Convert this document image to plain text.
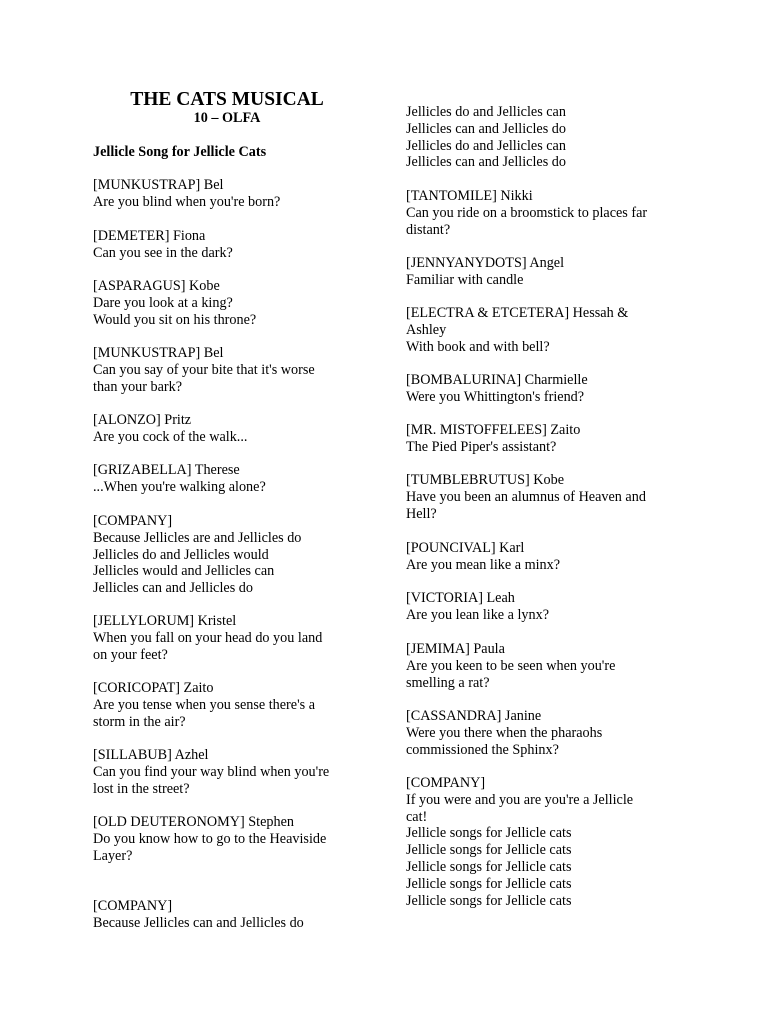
THE CATS MUSICAL
10 – OLFA
Jellicle Song for Jellicle Cats
[MUNKUSTRAP] Bel
Are you blind when you're born?
[DEMETER] Fiona
Can you see in the dark?
[ASPARAGUS] Kobe
Dare you look at a king?
Would you sit on his throne?
[MUNKUSTRAP] Bel
Can you say of your bite that it's worse
than your bark?
[ALONZO] Pritz
Are you cock of the walk...
[GRIZABELLA] Therese
...When you're walking alone?
[COMPANY]
Because Jellicles are and Jellicles do
Jellicles do and Jellicles would
Jellicles would and Jellicles can
Jellicles can and Jellicles do
[JELLYLORUM] Kristel
When you fall on your head do you land
on your feet?
[CORICOPAT] Zaito
Are you tense when you sense there's a
storm in the air?
[SILLABUB] Azhel
Can you find your way blind when you're
lost in the street?
[OLD DEUTERONOMY] Stephen
Do you know how to go to the Heaviside
Layer?
[COMPANY]
Because Jellicles can and Jellicles do
Jellicles do and Jellicles can
Jellicles can and Jellicles do
Jellicles do and Jellicles can
Jellicles can and Jellicles do
[TANTOMILE] Nikki
Can you ride on a broomstick to places far
distant?
[JENNYANYDOTS] Angel
Familiar with candle
[ELECTRA & ETCETERA] Hessah &
Ashley
With book and with bell?
[BOMBALURINA] Charmielle
Were you Whittington's friend?
[MR. MISTOFFELEES] Zaito
The Pied Piper's assistant?
[TUMBLEBRUTUS] Kobe
Have you been an alumnus of Heaven and
Hell?
[POUNCIVAL] Karl
Are you mean like a minx?
[VICTORIA] Leah
Are you lean like a lynx?
[JEMIMA] Paula
Are you keen to be seen when you're
smelling a rat?
[CASSANDRA] Janine
Were you there when the pharaohs
commissioned the Sphinx?
[COMPANY]
If you were and you are you're a Jellicle
cat!
Jellicle songs for Jellicle cats
Jellicle songs for Jellicle cats
Jellicle songs for Jellicle cats
Jellicle songs for Jellicle cats
Jellicle songs for Jellicle cats
